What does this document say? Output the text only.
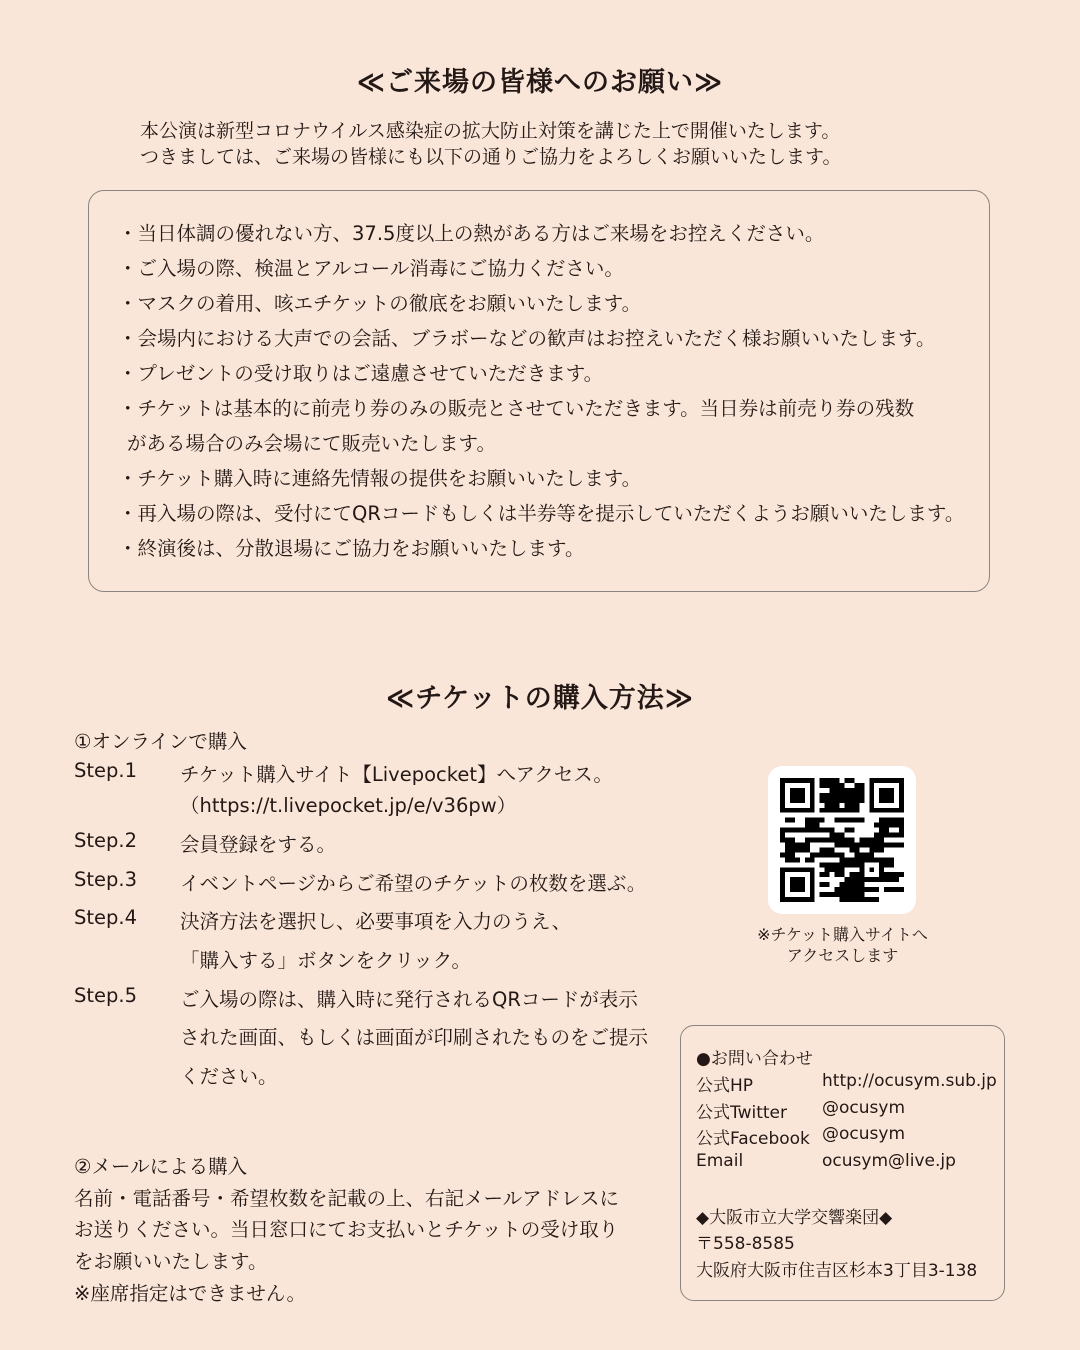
≪ご来場の皆様へのお願い≫
本公演は新型コロナウイルス感染症の拡大防止対策を講じた上で開催いたします。
つきましては、ご来場の皆様にも以下の通りご協力をよろしくお願いいたします。
・当日体調の優れない方、37.5度以上の熱がある方はご来場をお控えください。
・ご入場の際、検温とアルコール消毒にご協力ください。
・マスクの着用、咳エチケットの徹底をお願いいたします。
・会場内における大声での会話、ブラボーなどの歓声はお控えいただく様お願いいたします。
・プレゼントの受け取りはご遠慮させていただきます。
・チケットは基本的に前売り券のみの販売とさせていただきます。当日券は前売り券の残数
がある場合のみ会場にて販売いたします。
・チケット購入時に連絡先情報の提供をお願いいたします。
・再入場の際は、受付にてQRコードもしくは半券等を提示していただくようお願いいたします。
・終演後は、分散退場にご協力をお願いいたします。
≪チケットの購入方法≫
①オンラインで購入
Step.1 チケット購入サイト【Livepocket】へアクセス。
（https://t.livepocket.jp/e/v36pw）
Step.2 会員登録をする。
Step.3 イベントページからご希望のチケットの枚数を選ぶ。
Step.4 決済方法を選択し、必要事項を入力のうえ、
「購入する」ボタンをクリック。
Step.5 ご入場の際は、購入時に発行されるQRコードが表示
された画面、もしくは画面が印刷されたものをご提示
ください。
※チケット購入サイトへ
アクセスします
②メールによる購入
名前・電話番号・希望枚数を記載の上、右記メールアドレスに
お送りください。当日窓口にてお支払いとチケットの受け取り
をお願いいたします。
※座席指定はできません。
●お問い合わせ
公式HP	http://ocusym.sub.jp
公式Twitter @ocusym
公式Facebook @ocusym
Email	ocusym@live.jp
◆大阪市立大学交響楽団◆
〒558-8585
大阪府大阪市住吉区杉本3丁目3-138
